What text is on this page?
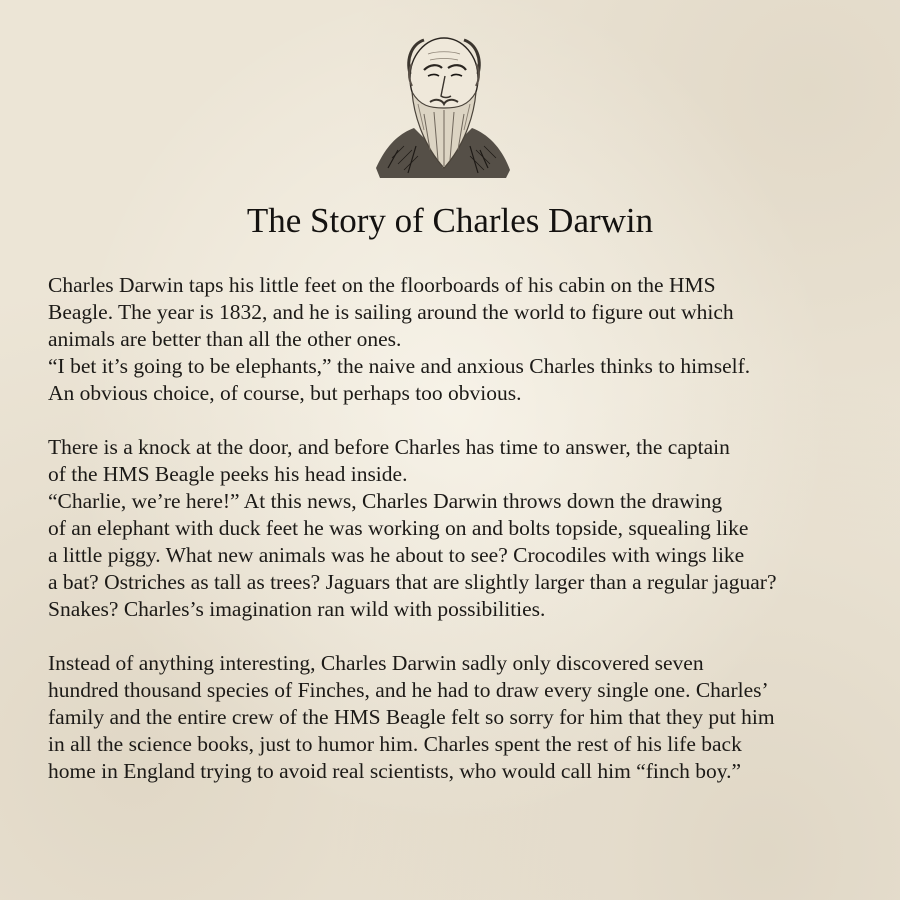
The Story of Charles Darwin

Charles Darwin taps his little feet on the floorboards of his cabin on the HMS
Beagle. The year is 1832, and he is sailing around the world to figure out which
animals are better than all the other ones.
“I bet it’s going to be elephants,” the naive and anxious Charles thinks to himself.
An obvious choice, of course, but perhaps too obvious.

There is a knock at the door, and before Charles has time to answer, the captain
of the HMS Beagle peeks his head inside.
“Charlie, we’re here!” At this news, Charles Darwin throws down the drawing
of an elephant with duck feet he was working on and bolts topside, squealing like
a little piggy. What new animals was he about to see? Crocodiles with wings like
a bat? Ostriches as tall as trees? Jaguars that are slightly larger than a regular jaguar?
Snakes? Charles’s imagination ran wild with possibilities.

Instead of anything interesting, Charles Darwin sadly only discovered seven
hundred thousand species of Finches, and he had to draw every single one. Charles’
family and the entire crew of the HMS Beagle felt so sorry for him that they put him
in all the science books, just to humor him. Charles spent the rest of his life back
home in England trying to avoid real scientists, who would call him “finch boy.”
